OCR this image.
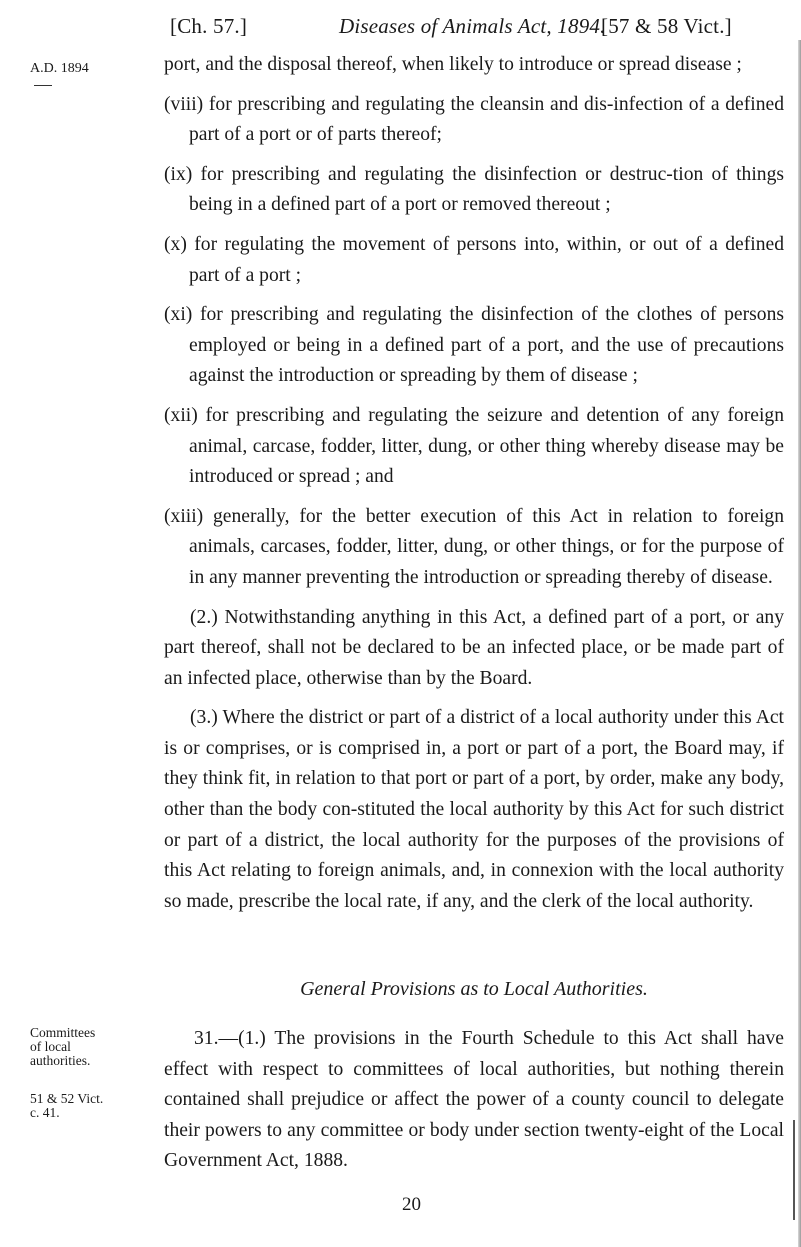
[Ch. 57.]	Diseases of Animals Act, 1894.
[57 & 58 Vict.]
A.D. 1894	port, and the disposal thereof, when likely to introduce or spread disease ;

(viii) for prescribing and regulating the cleansin and dis-infection of a defined part of a port or of parts thereof;

(ix) for prescribing and regulating the disinfection or destruc-tion of things being in a defined part of a port or removed thereout ;

(x) for regulating the movement of persons into, within, or out of a defined part of a port ;

(xi) for prescribing and regulating the disinfection of the clothes of persons employed or being in a defined part of a port, and the use of precautions against the introduction or spreading by them of disease ;

(xii) for prescribing and regulating the seizure and detention of any foreign animal, carcase, fodder, litter, dung, or other thing whereby disease may be introduced or spread ; and

(xiii) generally, for the better execution of this Act in relation to foreign animals, carcases, fodder, litter, dung, or other things, or for the purpose of in any manner preventing the introduction or spreading thereby of disease.

(2.) Notwithstanding anything in this Act, a defined part of a port, or any part thereof, shall not be declared to be an infected place, or be made part of an infected place, otherwise than by the Board.

(3.) Where the district or part of a district of a local authority under this Act is or comprises, or is comprised in, a port or part of a port, the Board may, if they think fit, in relation to that port or part of a port, by order, make any body, other than the body con-stituted the local authority by this Act for such district or part of a district, the local authority for the purposes of the provisions of this Act relating to foreign animals, and, in connexion with the local authority so made, prescribe the local rate, if any, and the clerk of the local authority.

General Provisions as to Local Authorities.
Committees
of local
authorities.

31.—(1.) The provisions in the Fourth Schedule to this Act shall have effect with respect to committees of local authorities, but nothing therein contained shall prejudice or affect the power of a county council to delegate their powers to any committee or body under section twenty-eight of the Local Government Act, 1888.

51 & 52 Vict.
c. 41.
20
